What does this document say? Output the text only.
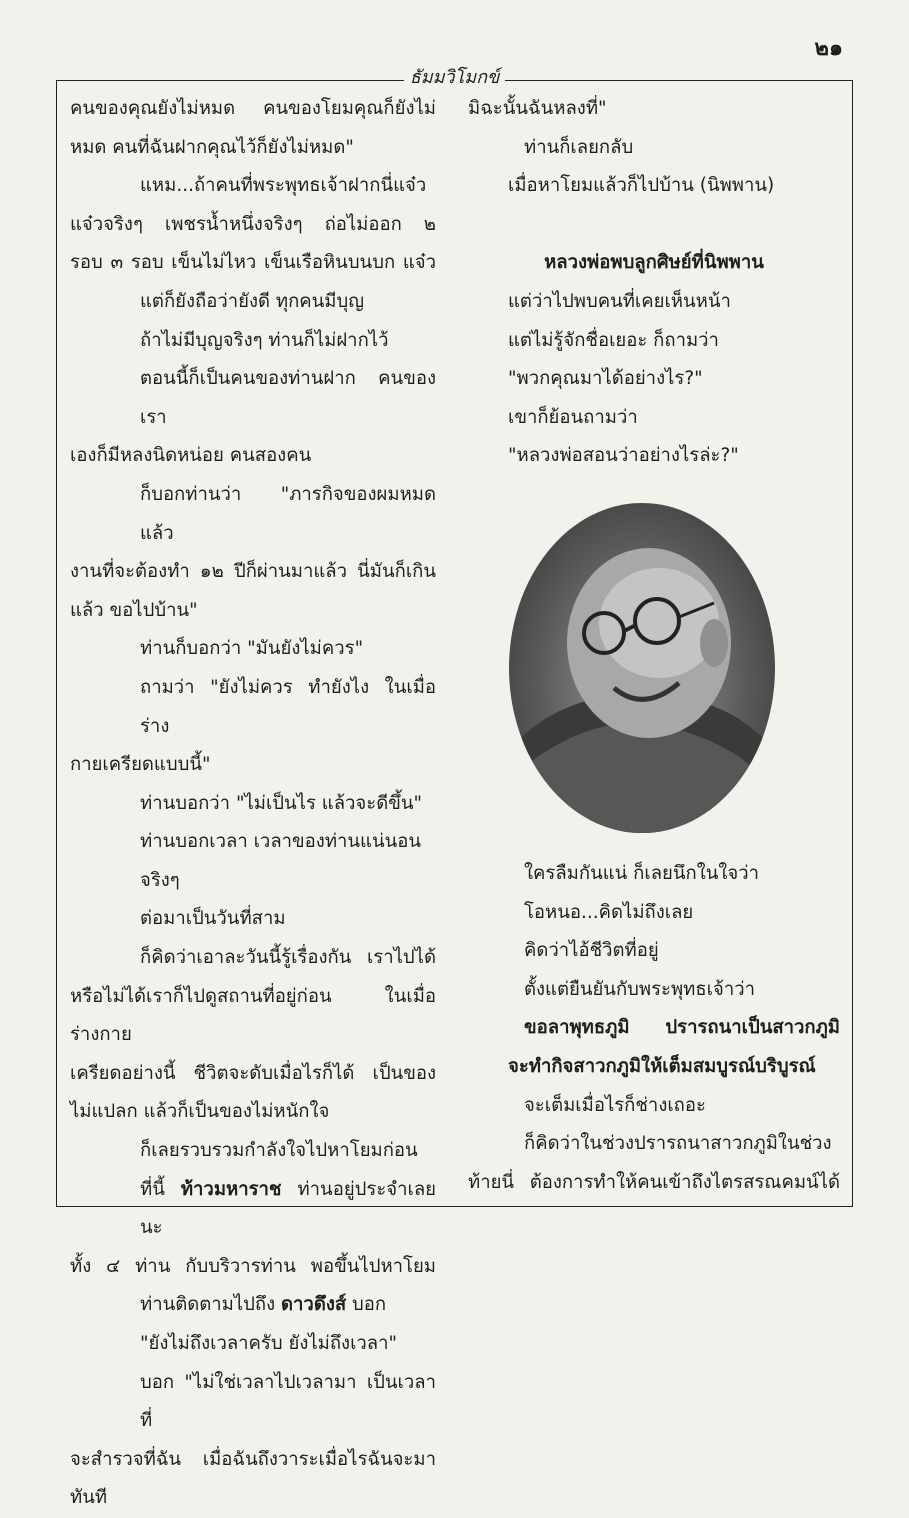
๒๑
ธัมมวิโมกข์

คนของคุณยังไม่หมด คนของโยมคุณก็ยังไม่

หมด คนที่ฉันฝากคุณไว้ก็ยังไม่หมด"

แหม...ถ้าคนที่พระพุทธเจ้าฝากนี่แจ๋ว

แจ๋วจริงๆ เพชรน้ำหนึ่งจริงๆ ถ่อไม่ออก ๒

รอบ ๓ รอบ เข็นไม่ไหว เข็นเรือหินบนบก แจ๋ว

แต่ก็ยังถือว่ายังดี ทุกคนมีบุญ

ถ้าไม่มีบุญจริงๆ ท่านก็ไม่ฝากไว้

ตอนนี้ก็เป็นคนของท่านฝาก คนของเรา

เองก็มีหลงนิดหน่อย คนสองคน

ก็บอกท่านว่า "ภารกิจของผมหมดแล้ว

งานที่จะต้องทำ ๑๒ ปีก็ผ่านมาแล้ว นี่มันก็เกิน

แล้ว ขอไปบ้าน"

ท่านก็บอกว่า "มันยังไม่ควร"

ถามว่า "ยังไม่ควร ทำยังไง ในเมื่อร่าง

กายเครียดแบบนี้"

ท่านบอกว่า "ไม่เป็นไร แล้วจะดีขึ้น"

ท่านบอกเวลา เวลาของท่านแน่นอนจริงๆ

ต่อมาเป็นวันที่สาม

ก็คิดว่าเอาละวันนี้รู้เรื่องกัน เราไปได้

หรือไม่ได้เราก็ไปดูสถานที่อยู่ก่อน ในเมื่อร่างกาย

เครียดอย่างนี้ ชีวิตจะดับเมื่อไรก็ได้ เป็นของ

ไม่แปลก แล้วก็เป็นของไม่หนักใจ

ก็เลยรวบรวมกำลังใจไปหาโยมก่อน

ที่นี้ ท้าวมหาราช ท่านอยู่ประจำเลยนะ

ทั้ง ๔ ท่าน กับบริวารท่าน พอขึ้นไปหาโยม

ท่านติดตามไปถึง ดาวดึงส์ บอก

"ยังไม่ถึงเวลาครับ ยังไม่ถึงเวลา"

บอก "ไม่ใช่เวลาไปเวลามา เป็นเวลาที่

จะสำรวจที่ฉัน เมื่อฉันถึงวาระเมื่อไรฉันจะมาทันที

มิฉะนั้นฉันหลงที่"

ท่านก็เลยกลับ

เมื่อหาโยมแล้วก็ไปบ้าน (นิพพาน)

หลวงพ่อพบลูกศิษย์ที่นิพพาน

แต่ว่าไปพบคนที่เคยเห็นหน้า

แต่ไม่รู้จักชื่อเยอะ ก็ถามว่า

"พวกคุณมาได้อย่างไร?"

เขาก็ย้อนถามว่า

"หลวงพ่อสอนว่าอย่างไรล่ะ?"

ใครลืมกันแน่ ก็เลยนึกในใจว่า

โอหนอ...คิดไม่ถึงเลย

คิดว่าไอ้ชีวิตที่อยู่

ตั้งแต่ยืนยันกับพระพุทธเจ้าว่า

ขอลาพุทธภูมิ ปรารถนาเป็นสาวกภูมิ

จะทำกิจสาวกภูมิให้เต็มสมบูรณ์บริบูรณ์

จะเต็มเมื่อไรก็ช่างเถอะ

ก็คิดว่าในช่วงปรารถนาสาวกภูมิในช่วง

ท้ายนี่ ต้องการทำให้คนเข้าถึงไตรสรณคมน์ได้
